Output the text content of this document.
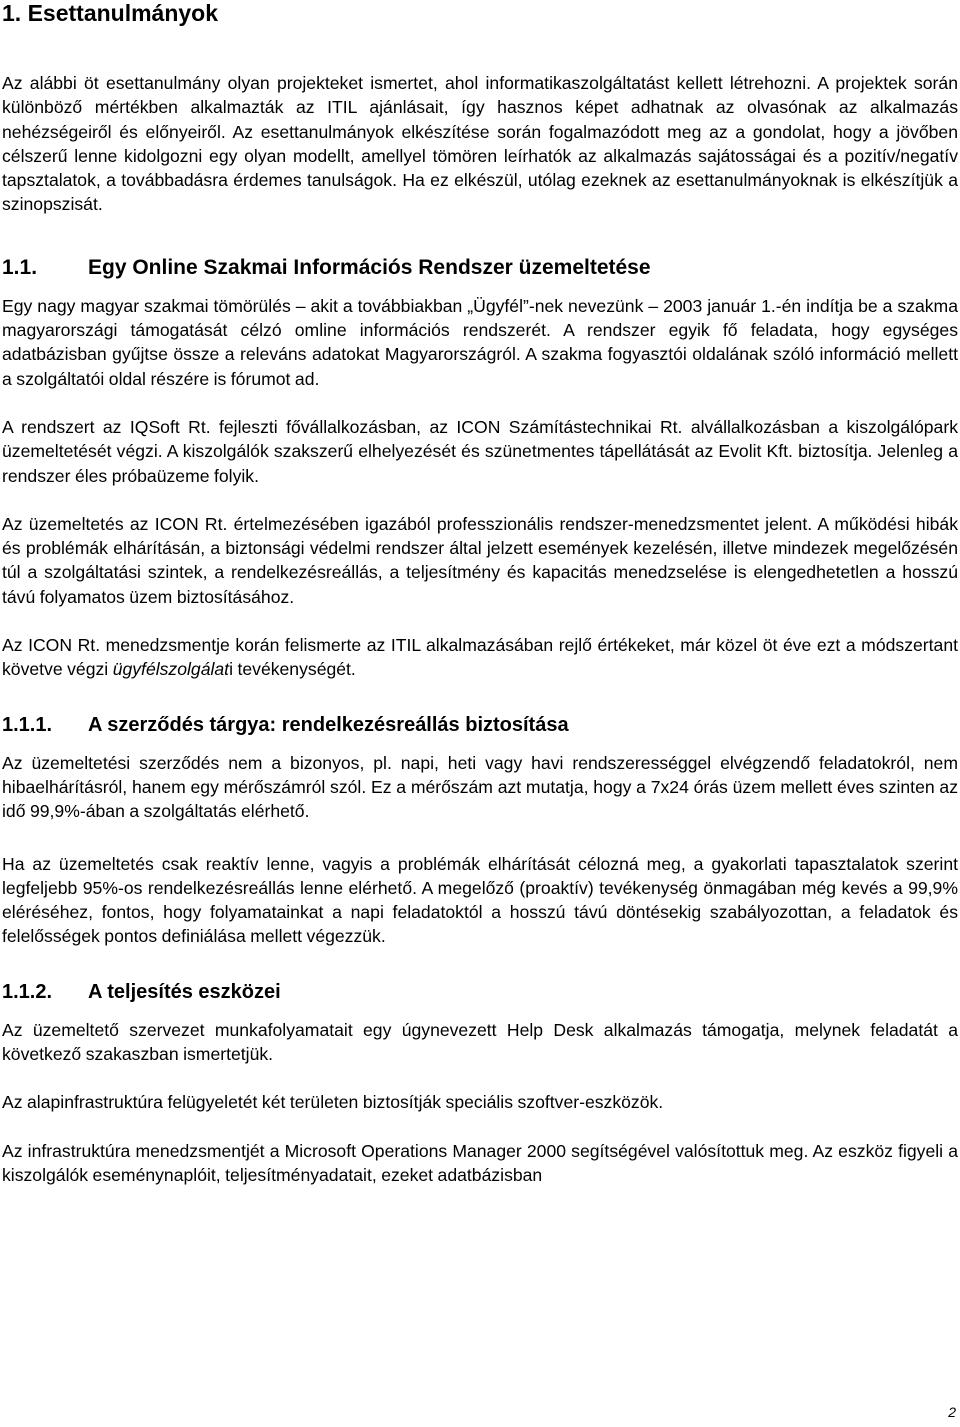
1. Esettanulmányok

Az alábbi öt esettanulmány olyan projekteket ismertet, ahol informatikaszolgáltatást kellett létrehozni. A projektek során különböző mértékben alkalmazták az ITIL ajánlásait, így hasznos képet adhatnak az olvasónak az alkalmazás nehézségeiről és előnyeiről. Az esettanulmányok elkészítése során fogalmazódott meg az a gondolat, hogy a jövőben célszerű lenne kidolgozni egy olyan modellt, amellyel tömören leírhatók az alkalmazás sajátosságai és a pozitív/negatív tapsztalatok, a továbbadásra érdemes tanulságok. Ha ez elkészül, utólag ezeknek az esettanulmányoknak is elkészítjük a szinopszisát.

1.1. Egy Online Szakmai Információs Rendszer üzemeltetése

Egy nagy magyar szakmai tömörülés – akit a továbbiakban „Ügyfél”-nek nevezünk – 2003 január 1.-én indítja be a szakma magyarországi támogatását célzó omline információs rendszerét. A rendszer egyik fő feladata, hogy egységes adatbázisban gyűjtse össze a releváns adatokat Magyarországról. A szakma fogyasztói oldalának szóló információ mellett a szolgáltatói oldal részére is fórumot ad.

A rendszert az IQSoft Rt. fejleszti fővállalkozásban, az ICON Számítástechnikai Rt. alvállalkozásban a kiszolgálópark üzemeltetését végzi. A kiszolgálók szakszerű elhelyezését és szünetmentes tápellátását az Evolit Kft. biztosítja. Jelenleg a rendszer éles próbaüzeme folyik.

Az üzemeltetés az ICON Rt. értelmezésében igazából professzionális rendszer-menedzsmentet jelent. A működési hibák és problémák elhárításán, a biztonsági védelmi rendszer által jelzett események kezelésén, illetve mindezek megelőzésén túl a szolgáltatási szintek, a rendelkezésreállás, a teljesítmény és kapacitás menedzselése is elengedhetetlen a hosszú távú folyamatos üzem biztosításához.

Az ICON Rt. menedzsmentje korán felismerte az ITIL alkalmazásában rejlő értékeket, már közel öt éve ezt a módszertant követve végzi ügyfélszolgálati tevékenységét.

1.1.1. A szerződés tárgya: rendelkezésreállás biztosítása

Az üzemeltetési szerződés nem a bizonyos, pl. napi, heti vagy havi rendszerességgel elvégzendő feladatokról, nem hibaelhárításról, hanem egy mérőszámról szól. Ez a mérőszám azt mutatja, hogy a 7x24 órás üzem mellett éves szinten az idő 99,9%-ában a szolgáltatás elérhető.

Ha az üzemeltetés csak reaktív lenne, vagyis a problémák elhárítását célozná meg, a gyakorlati tapasztalatok szerint legfeljebb 95%-os rendelkezésreállás lenne elérhető. A megelőző (proaktív) tevékenység önmagában még kevés a 99,9% eléréséhez, fontos, hogy folyamatainkat a napi feladatoktól a hosszú távú döntésekig szabályozottan, a feladatok és felelősségek pontos definiálása mellett végezzük.

1.1.2. A teljesítés eszközei

Az üzemeltető szervezet munkafolyamatait egy úgynevezett Help Desk alkalmazás támogatja, melynek feladatát a következő szakaszban ismertetjük.

Az alapinfrastruktúra felügyeletét két területen biztosítják speciális szoftver-eszközök.

Az infrastruktúra menedzsmentjét a Microsoft Operations Manager 2000 segítségével valósítottuk meg. Az eszköz figyeli a kiszolgálók eseménynaplóit, teljesítményadatait, ezeket adatbázisban

2
